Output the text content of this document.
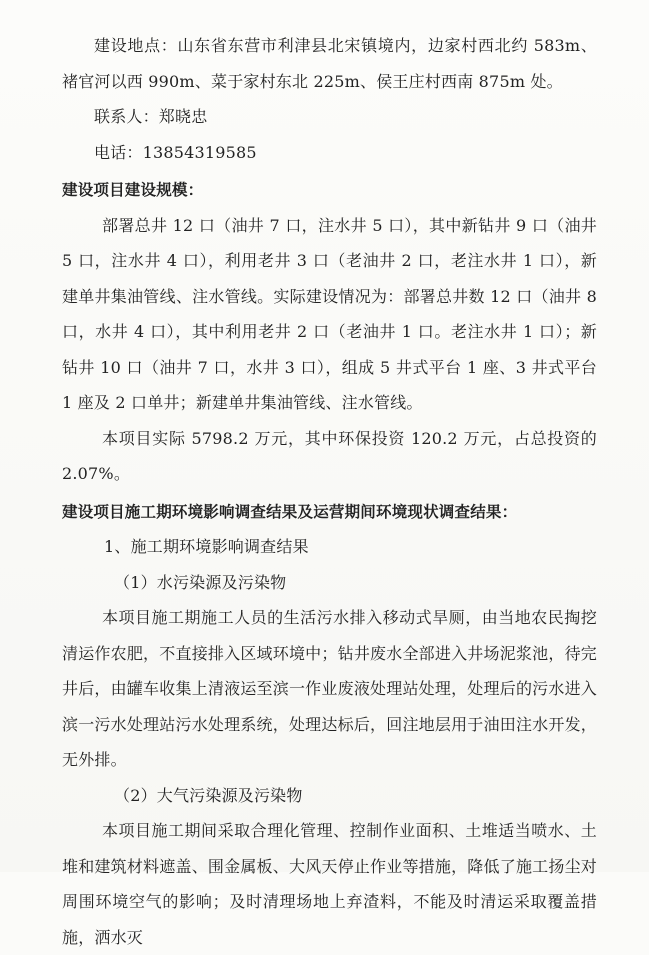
建设地点：山东省东营市利津县北宋镇境内，边家村西北约 583m、褚官河以西 990m、菜于家村东北 225m、侯王庄村西南 875m 处。

联系人：郑晓忠

电话：13854319585

建设项目建设规模：

部署总井 12 口（油井 7 口，注水井 5 口），其中新钻井 9 口（油井 5 口，注水井 4 口），利用老井 3 口（老油井 2 口，老注水井 1 口），新建单井集油管线、注水管线。实际建设情况为：部署总井数 12 口（油井 8 口，水井 4 口），其中利用老井 2 口（老油井 1 口。老注水井 1 口）；新钻井 10 口（油井 7 口，水井 3 口），组成 5 井式平台 1 座、3 井式平台 1 座及 2 口单井；新建单井集油管线、注水管线。

本项目实际 5798.2 万元，其中环保投资 120.2 万元，占总投资的 2.07%。

建设项目施工期环境影响调查结果及运营期间环境现状调查结果：

1、施工期环境影响调查结果

（1）水污染源及污染物

本项目施工期施工人员的生活污水排入移动式旱厕，由当地农民掏挖清运作农肥，不直接排入区域环境中；钻井废水全部进入井场泥浆池，待完井后，由罐车收集上清液运至滨一作业废液处理站处理，处理后的污水进入滨一污水处理站污水处理系统，处理达标后，回注地层用于油田注水开发，无外排。

（2）大气污染源及污染物

本项目施工期间采取合理化管理、控制作业面积、土堆适当喷水、土堆和建筑材料遮盖、围金属板、大风天停止作业等措施，降低了施工扬尘对周围环境空气的影响；及时清理场地上弃渣料，不能及时清运采取覆盖措施，洒水灭
